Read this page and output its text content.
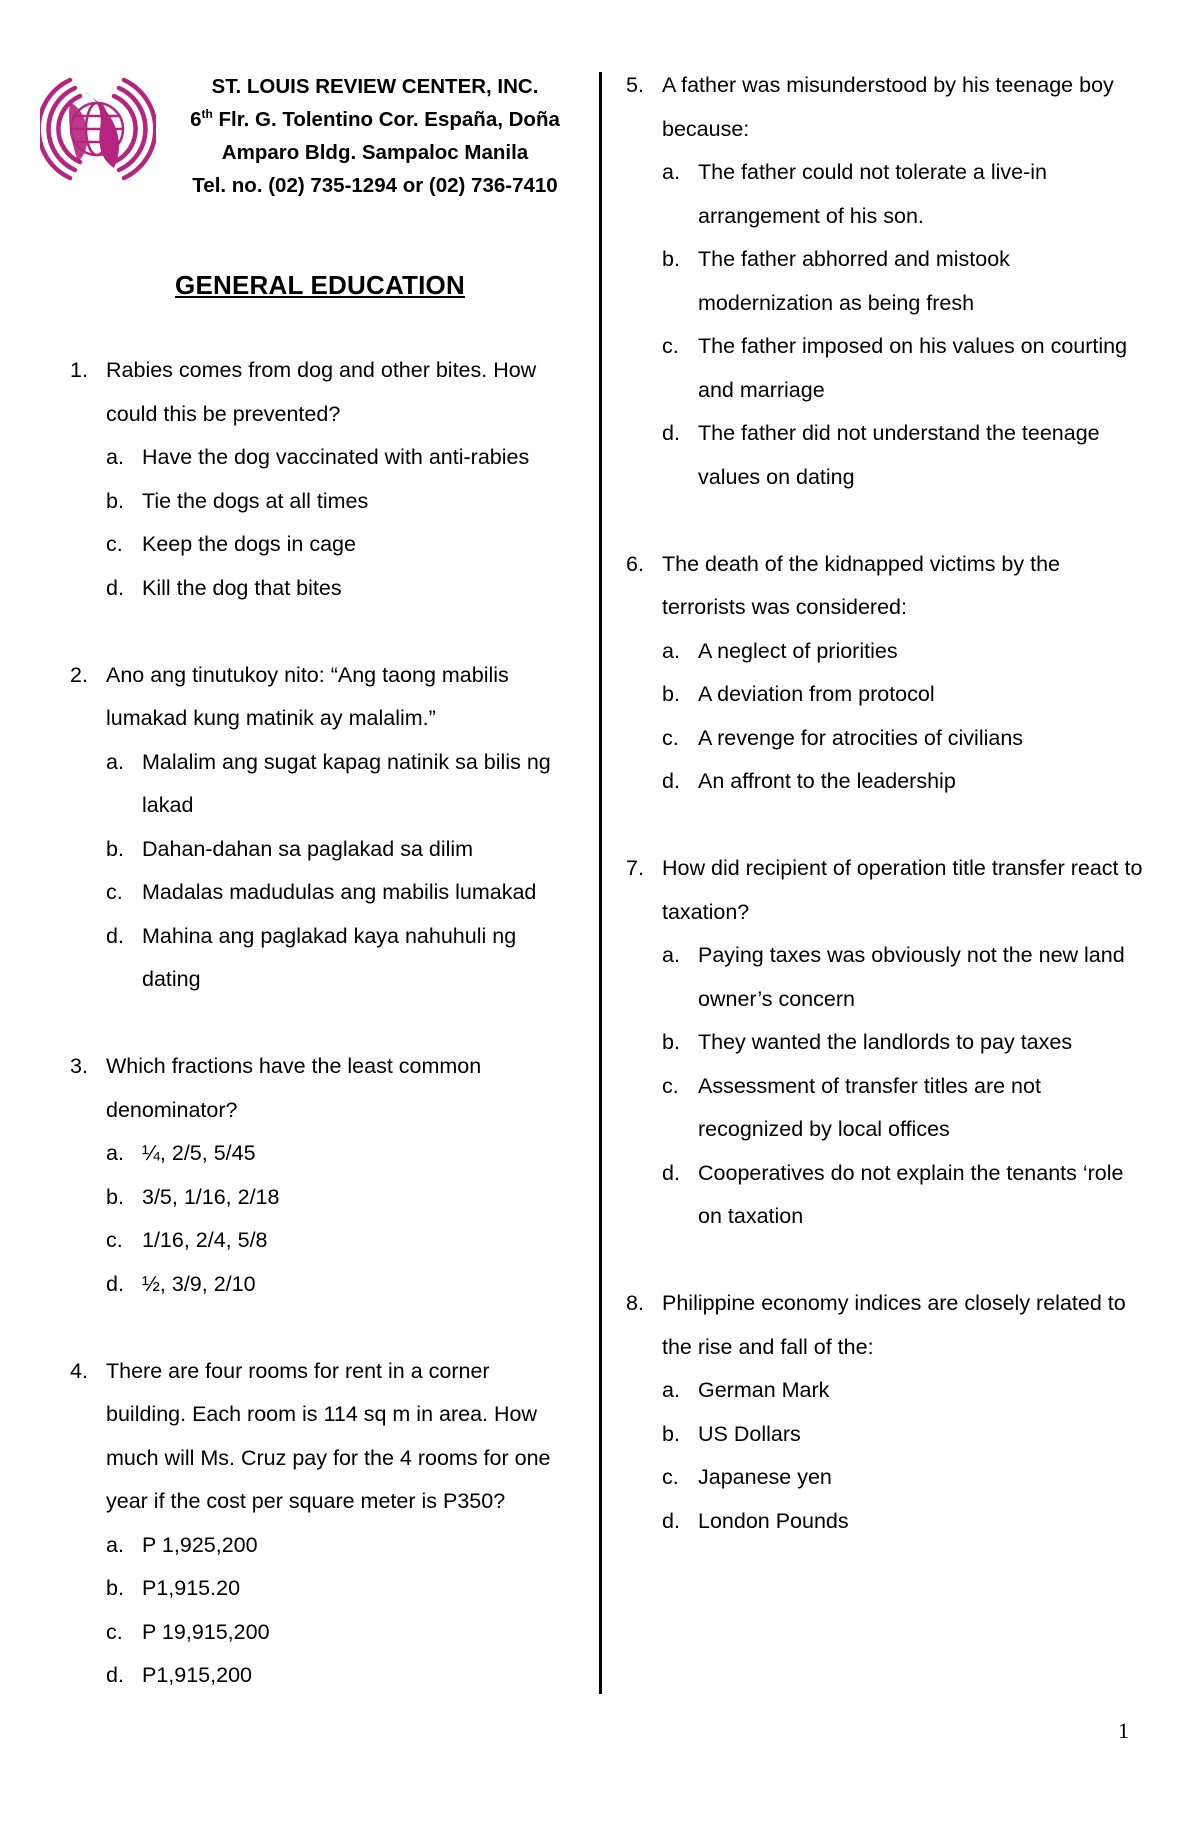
ST. LOUIS REVIEW CENTER, INC.
6th Flr. G. Tolentino Cor. España, Doña
Amparo Bldg. Sampaloc Manila
Tel. no. (02) 735-1294 or (02) 736-7410
GENERAL EDUCATION
1. Rabies comes from dog and other bites. How could this be prevented?
a. Have the dog vaccinated with anti-rabies
b. Tie the dogs at all times
c. Keep the dogs in cage
d. Kill the dog that bites
2. Ano ang tinutukoy nito: “Ang taong mabilis lumakad kung matinik ay malalim.”
a. Malalim ang sugat kapag natinik sa bilis ng lakad
b. Dahan-dahan sa paglakad sa dilim
c. Madalas madudulas ang mabilis lumakad
d. Mahina ang paglakad kaya nahuhuli ng dating
3. Which fractions have the least common denominator?
a. ¼, 2/5, 5/45
b. 3/5, 1/16, 2/18
c. 1/16, 2/4, 5/8
d. ½, 3/9, 2/10
4. There are four rooms for rent in a corner building. Each room is 114 sq m in area. How much will Ms. Cruz pay for the 4 rooms for one year if the cost per square meter is P350?
a. P 1,925,200
b. P1,915.20
c. P 19,915,200
d. P1,915,200
5. A father was misunderstood by his teenage boy because:
a. The father could not tolerate a live-in arrangement of his son.
b. The father abhorred and mistook modernization as being fresh
c. The father imposed on his values on courting and marriage
d. The father did not understand the teenage values on dating
6. The death of the kidnapped victims by the terrorists was considered:
a. A neglect of priorities
b. A deviation from protocol
c. A revenge for atrocities of civilians
d. An affront to the leadership
7. How did recipient of operation title transfer react to taxation?
a. Paying taxes was obviously not the new land owner’s concern
b. They wanted the landlords to pay taxes
c. Assessment of transfer titles are not recognized by local offices
d. Cooperatives do not explain the tenants ‘role on taxation
8. Philippine economy indices are closely related to the rise and fall of the:
a. German Mark
b. US Dollars
c. Japanese yen
d. London Pounds
1
